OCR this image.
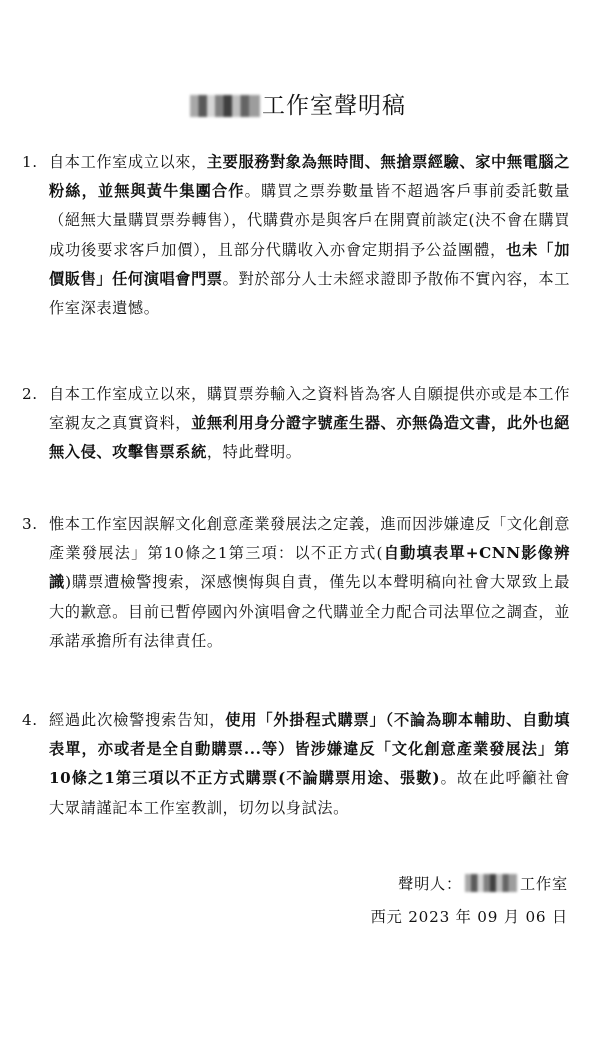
工作室聲明稿
1. 自本工作室成立以來，主要服務對象為無時間、無搶票經驗、家中無電腦之粉絲，並無與黃牛集團合作。購買之票券數量皆不超過客戶事前委託數量（絕無大量購買票券轉售），代購費亦是與客戶在開賣前談定(決不會在購買成功後要求客戶加價），且部分代購收入亦會定期捐予公益團體，也未「加價販售」任何演唱會門票。對於部分人士未經求證即予散佈不實內容，本工作室深表遺憾。
2. 自本工作室成立以來，購買票券輸入之資料皆為客人自願提供亦或是本工作室親友之真實資料，並無利用身分證字號產生器、亦無偽造文書，此外也絕無入侵、攻擊售票系統，特此聲明。
3. 惟本工作室因誤解文化創意產業發展法之定義，進而因涉嫌違反「文化創意產業發展法」第10條之1第三項：以不正方式(自動填表單+CNN影像辨識)購票遭檢警搜索，深感懊悔與自責，僅先以本聲明稿向社會大眾致上最大的歉意。目前已暫停國內外演唱會之代購並全力配合司法單位之調查，並承諾承擔所有法律責任。
4. 經過此次檢警搜索告知，使用「外掛程式購票」（不論為聊本輔助、自動填表單，亦或者是全自動購票...等）皆涉嫌違反「文化創意產業發展法」第10條之1第三項以不正方式購票(不論購票用途、張數)。故在此呼籲社會大眾請謹記本工作室教訓，切勿以身試法。
聲明人：	工作室
西元 2023 年 09 月 06 日
